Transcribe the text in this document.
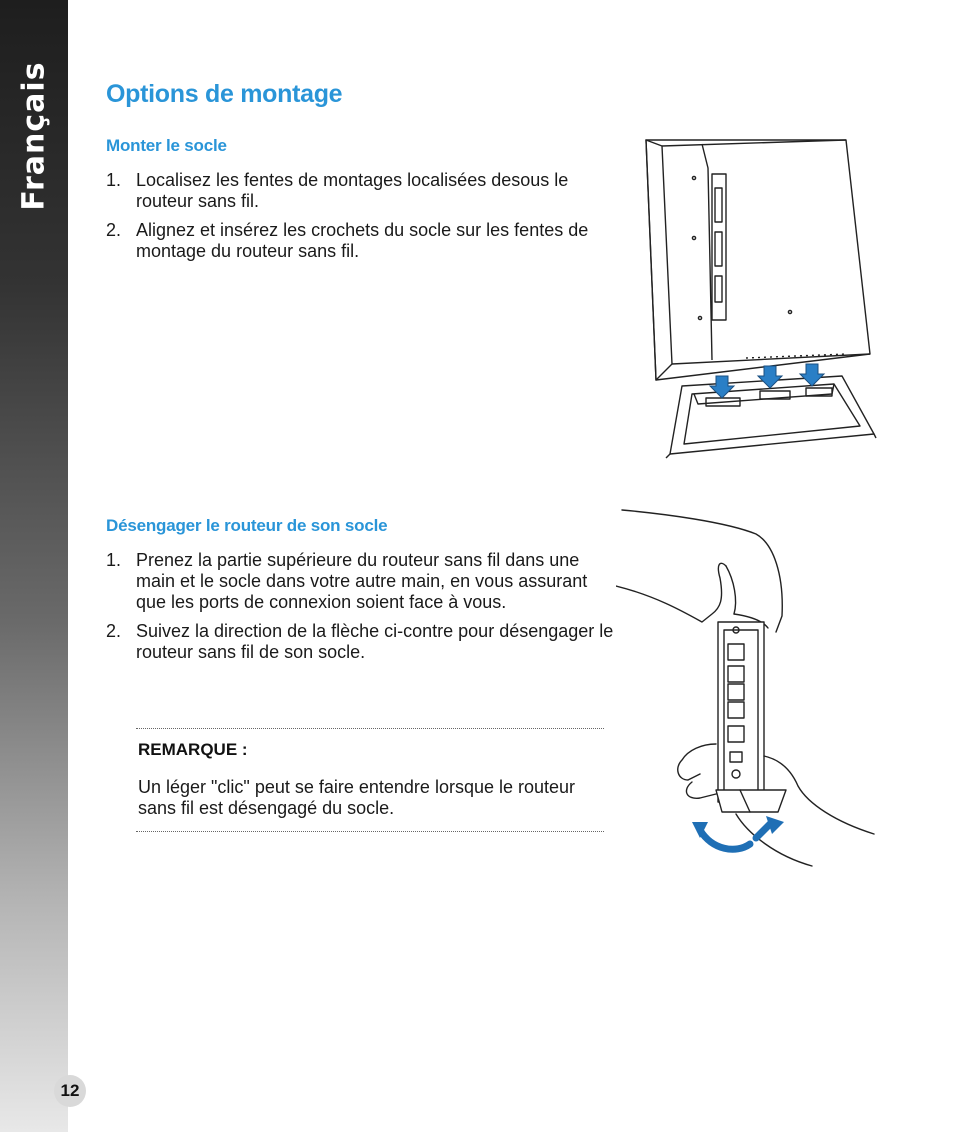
Français
12
Options de montage
Monter le socle
1. Localisez les fentes de montages localisées desous le routeur sans fil.
2. Alignez et insérez les crochets du socle sur les fentes de montage du routeur sans fil.
Désengager le routeur de son socle
1. Prenez la partie supérieure du routeur sans fil dans une main et le socle dans votre autre main, en vous assurant que les ports de connexion soient face à vous.
2. Suivez la direction de la flèche ci-contre pour désengager le routeur sans fil de son socle.
REMARQUE :
Un léger "clic" peut se faire entendre lorsque le routeur sans fil est désengagé du socle.
